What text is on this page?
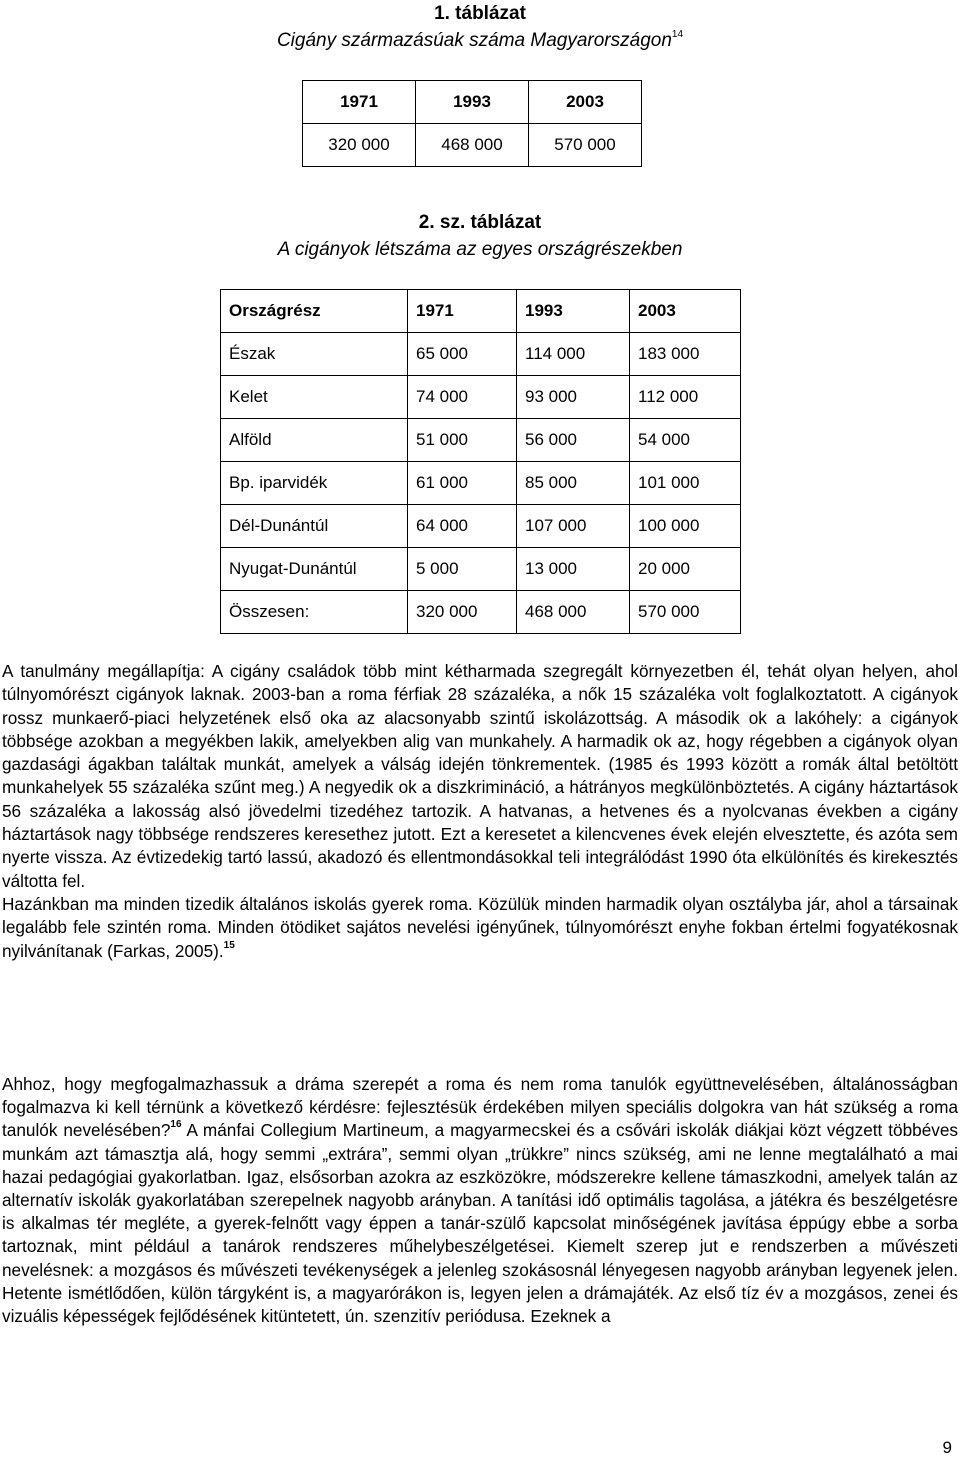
1. táblázat
Cigány származásúak száma Magyarországon$^{14}$
1971	1993	2003
320 000	468 000	570 000
2. sz. táblázat
A cigányok létszáma az egyes országrészekben
Országrész	1971	1993	2003
Észak	65 000	114 000	183 000
Kelet	74 000	93 000	112 000
Alföld	51 000	56 000	54 000
Bp. iparvidék	61 000	85 000	101 000
Dél-Dunántúl	64 000	107 000	100 000
Nyugat-Dunántúl	5 000	13 000	20 000
Összesen:	320 000	468 000	570 000
A tanulmány megállapítja: A cigány családok több mint kétharmada szegregált környezetben él, tehát olyan helyen, ahol túlnyomórészt cigányok laknak. 2003-ban a roma férfiak 28 százaléka, a nők 15 százaléka volt foglalkoztatott. A cigányok rossz munkaerő-piaci helyzetének első oka az alacsonyabb szintű iskolázottság. A második ok a lakóhely: a cigányok többsége azokban a megyékben lakik, amelyekben alig van munkahely. A harmadik ok az, hogy régebben a cigányok olyan gazdasági ágakban találtak munkát, amelyek a válság idején tönkrementek. (1985 és 1993 között a romák által betöltött munkahelyek 55 százaléka szűnt meg.) A negyedik ok a diszkrimináció, a hátrányos megkülönböztetés. A cigány háztartások 56 százaléka a lakosság alsó jövedelmi tizedéhez tartozik. A hatvanas, a hetvenes és a nyolcvanas években a cigány háztartások nagy többsége rendszeres keresethez jutott. Ezt a keresetet a kilencvenes évek elején elvesztette, és azóta sem nyerte vissza. Az évtizedekig tartó lassú, akadozó és ellentmondásokkal teli integrálódást 1990 óta elkülönítés és kirekesztés váltotta fel.
Hazánkban ma minden tizedik általános iskolás gyerek roma. Közülük minden harmadik olyan osztályba jár, ahol a társainak legalább fele szintén roma. Minden ötödiket sajátos nevelési igényűnek, túlnyomórészt enyhe fokban értelmi fogyatékosnak nyilvánítanak (Farkas, 2005).$^{15}$
Ahhoz, hogy megfogalmazhassuk a dráma szerepét a roma és nem roma tanulók együttnevelésében, általánosságban fogalmazva ki kell térnünk a következő kérdésre: fejlesztésük érdekében milyen speciális dolgokra van hát szükség a roma tanulók nevelésében?$^{16}$ A mánfai Collegium Martineum, a magyarmecskei és a csővári iskolák diákjai közt végzett többéves munkám azt támasztja alá, hogy semmi „extrára”, semmi olyan „trükkre” nincs szükség, ami ne lenne megtalálható a mai hazai pedagógiai gyakorlatban. Igaz, elsősorban azokra az eszközökre, módszerekre kellene támaszkodni, amelyek talán az alternatív iskolák gyakorlatában szerepelnek nagyobb arányban. A tanítási idő optimális tagolása, a játékra és beszélgetésre is alkalmas tér megléte, a gyerek-felnőtt vagy éppen a tanár-szülő kapcsolat minőségének javítása éppúgy ebbe a sorba tartoznak, mint például a tanárok rendszeres műhelybeszélgetései. Kiemelt szerep jut e rendszerben a művészeti nevelésnek: a mozgásos és művészeti tevékenységek a jelenleg szokásosnál lényegesen nagyobb arányban legyenek jelen. Hetente ismétlődően, külön tárgyként is, a magyarórákon is, legyen jelen a drámajáték. Az első tíz év a mozgásos, zenei és vizuális képességek fejlődésének kitüntetett, ún. szenzitív periódusa. Ezeknek a
9
